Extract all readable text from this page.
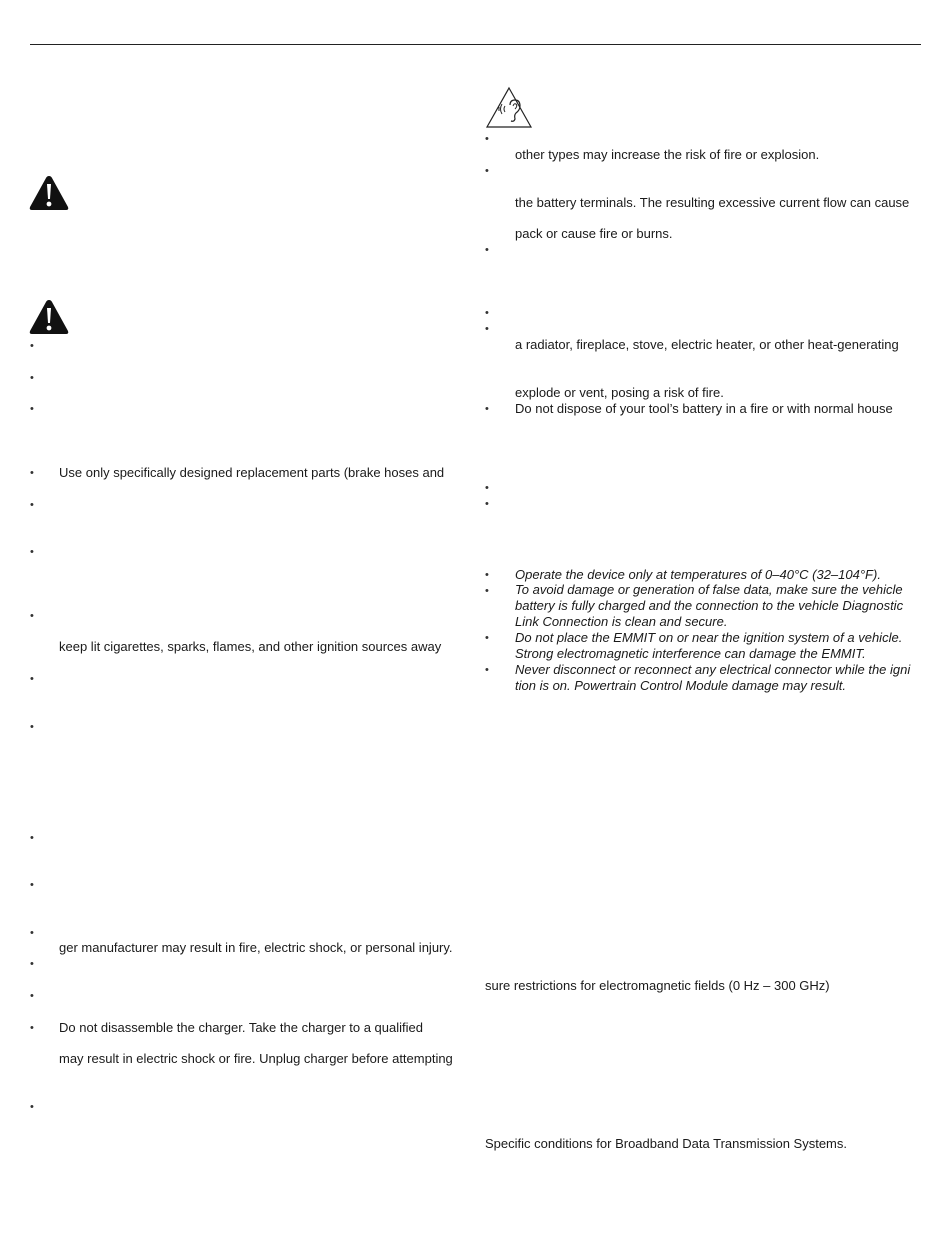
•
•
•
• Use only specifically designed replacement parts (brake hoses and
•
•
•
keep lit cigarettes, sparks, flames, and other ignition sources away
•
•
•
•
•
ger manufacturer may result in fire, electric shock, or personal injury.
•
•
• Do not disassemble the charger. Take the charger to a qualified
may result in electric shock or fire. Unplug charger before attempting
•
•
other types may increase the risk of fire or explosion.
•
the battery terminals. The resulting excessive current flow can cause
pack or cause fire or burns.
•
•
•
a radiator, fireplace, stove, electric heater, or other heat-generating
explode or vent, posing a risk of fire.
• Do not dispose of your tool’s battery in a fire or with normal house
•
•
• Operate the device only at temperatures of 0–40°C (32–104°F).
• To avoid damage or generation of false data, make sure the vehicle
battery is fully charged and the connection to the vehicle Diagnostic
Link Connection is clean and secure.
• Do not place the EMMIT on or near the ignition system of a vehicle.
Strong electromagnetic interference can damage the EMMIT.
• Never disconnect or reconnect any electrical connector while the igni
tion is on. Powertrain Control Module damage may result.
sure restrictions for electromagnetic fields (0 Hz – 300 GHz)
Specific conditions for Broadband Data Transmission Systems.
